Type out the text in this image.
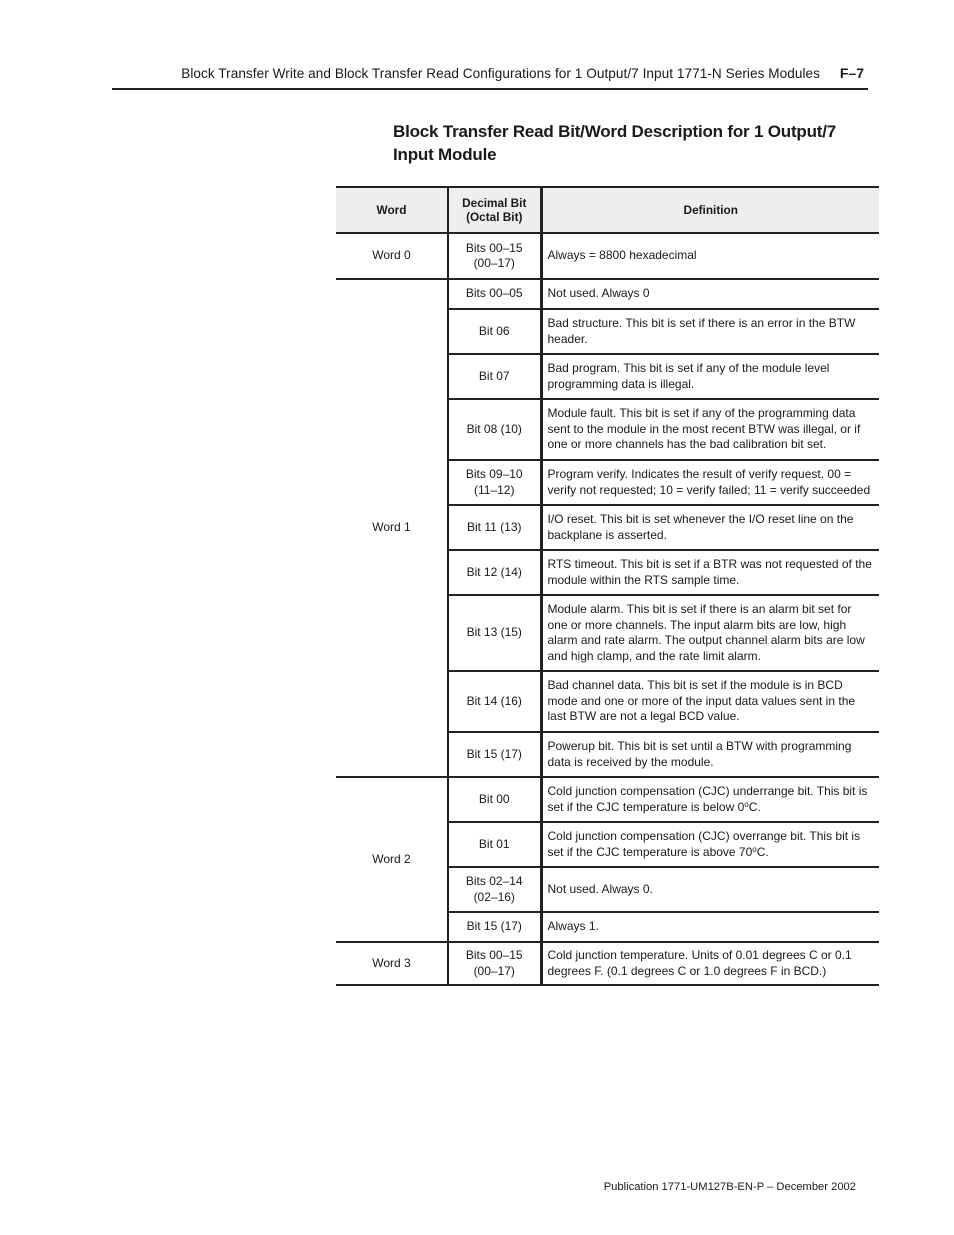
Block Transfer Write and Block Transfer Read Configurations for 1 Output/7 Input 1771-N Series Modules F–7
Block Transfer Read Bit/Word Description for 1 Output/7 Input Module
Word	Decimal Bit (Octal Bit)	Definition
Word 0	Bits 00–15 (00–17)	Always = 8800 hexadecimal
Word 1	Bits 00–05	Not used. Always 0
	Bit 06	Bad structure. This bit is set if there is an error in the BTW header.
	Bit 07	Bad program. This bit is set if any of the module level programming data is illegal.
	Bit 08 (10)	Module fault. This bit is set if any of the programming data sent to the module in the most recent BTW was illegal, or if one or more channels has the bad calibration bit set.
	Bits 09–10 (11–12)	Program verify. Indicates the result of verify request. 00 = verify not requested; 10 = verify failed; 11 = verify succeeded
	Bit 11 (13)	I/O reset. This bit is set whenever the I/O reset line on the backplane is asserted.
	Bit 12 (14)	RTS timeout. This bit is set if a BTR was not requested of the module within the RTS sample time.
	Bit 13 (15)	Module alarm. This bit is set if there is an alarm bit set for one or more channels. The input alarm bits are low, high alarm and rate alarm. The output channel alarm bits are low and high clamp, and the rate limit alarm.
	Bit 14 (16)	Bad channel data. This bit is set if the module is in BCD mode and one or more of the input data values sent in the last BTW are not a legal BCD value.
	Bit 15 (17)	Powerup bit. This bit is set until a BTW with programming data is received by the module.
Word 2	Bit 00	Cold junction compensation (CJC) underrange bit. This bit is set if the CJC temperature is below 0$^o$C.
	Bit 01	Cold junction compensation (CJC) overrange bit. This bit is set if the CJC temperature is above 70$^o$C.
	Bits 02–14 (02–16)	Not used. Always 0.
	Bit 15 (17)	Always 1.
Word 3	Bits 00–15 (00–17)	Cold junction temperature. Units of 0.01 degrees C or 0.1 degrees F. (0.1 degrees C or 1.0 degrees F in BCD.)
Publication 1771-UM127B-EN-P – December 2002
